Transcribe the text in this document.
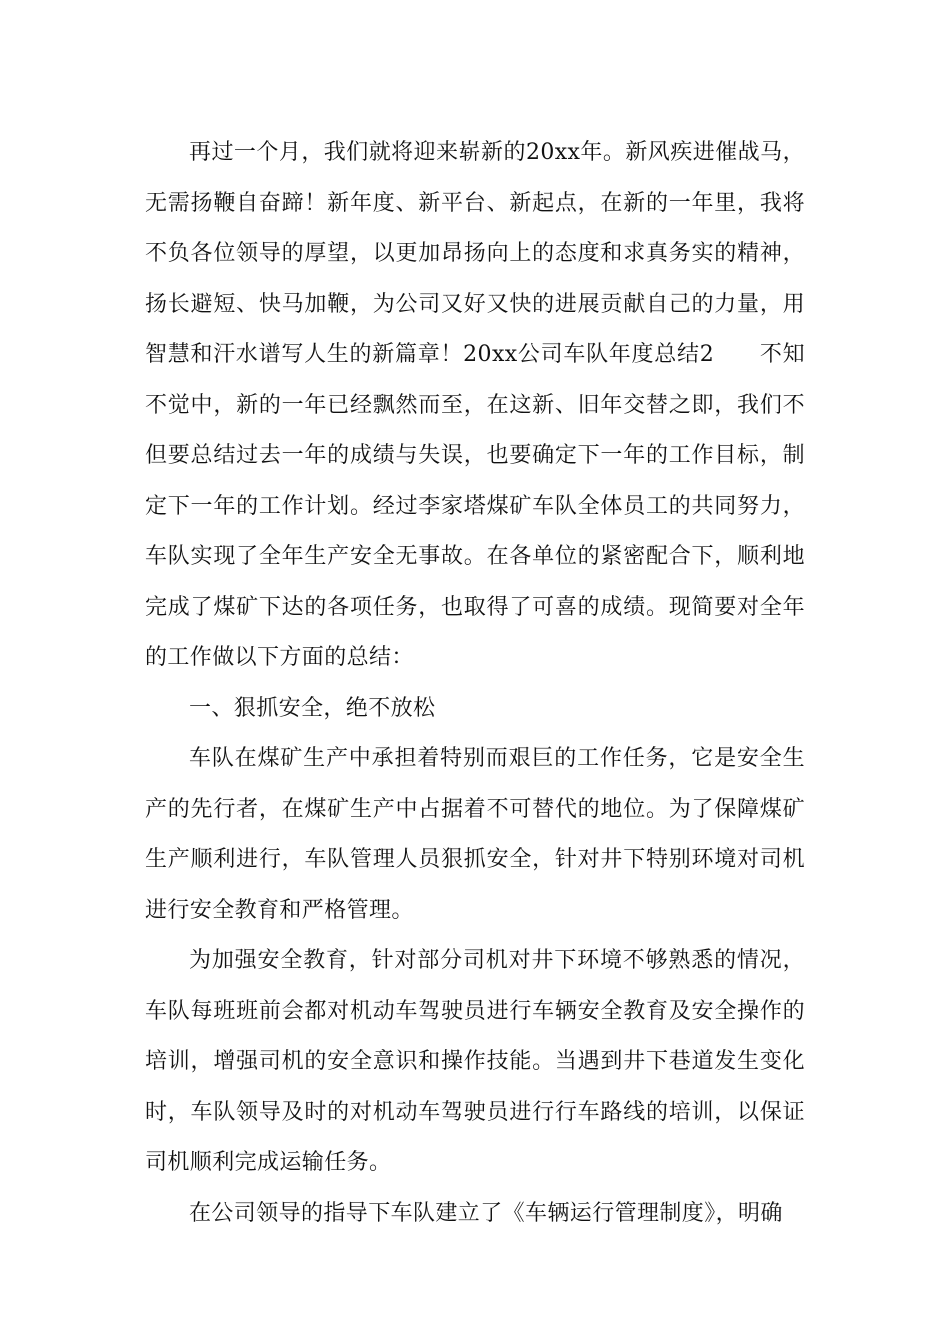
再过一个月，我们就将迎来崭新的20xx年。新风疾进催战马，无需扬鞭自奋蹄！新年度、新平台、新起点，在新的一年里，我将不负各位领导的厚望，以更加昂扬向上的态度和求真务实的精神，扬长避短、快马加鞭，为公司又好又快的进展贡献自己的力量，用智慧和汗水谱写人生的新篇章！20xx公司车队年度总结2　　不知不觉中，新的一年已经飘然而至，在这新、旧年交替之即，我们不但要总结过去一年的成绩与失误，也要确定下一年的工作目标，制定下一年的工作计划。经过李家塔煤矿车队全体员工的共同努力，车队实现了全年生产安全无事故。在各单位的紧密配合下，顺利地完成了煤矿下达的各项任务，也取得了可喜的成绩。现简要对全年的工作做以下方面的总结：

一、狠抓安全，绝不放松

车队在煤矿生产中承担着特别而艰巨的工作任务，它是安全生产的先行者，在煤矿生产中占据着不可替代的地位。为了保障煤矿生产顺利进行，车队管理人员狠抓安全，针对井下特别环境对司机进行安全教育和严格管理。

为加强安全教育，针对部分司机对井下环境不够熟悉的情况，车队每班班前会都对机动车驾驶员进行车辆安全教育及安全操作的培训，增强司机的安全意识和操作技能。当遇到井下巷道发生变化时，车队领导及时的对机动车驾驶员进行行车路线的培训，以保证司机顺利完成运输任务。

在公司领导的指导下车队建立了《车辆运行管理制度》，明确
